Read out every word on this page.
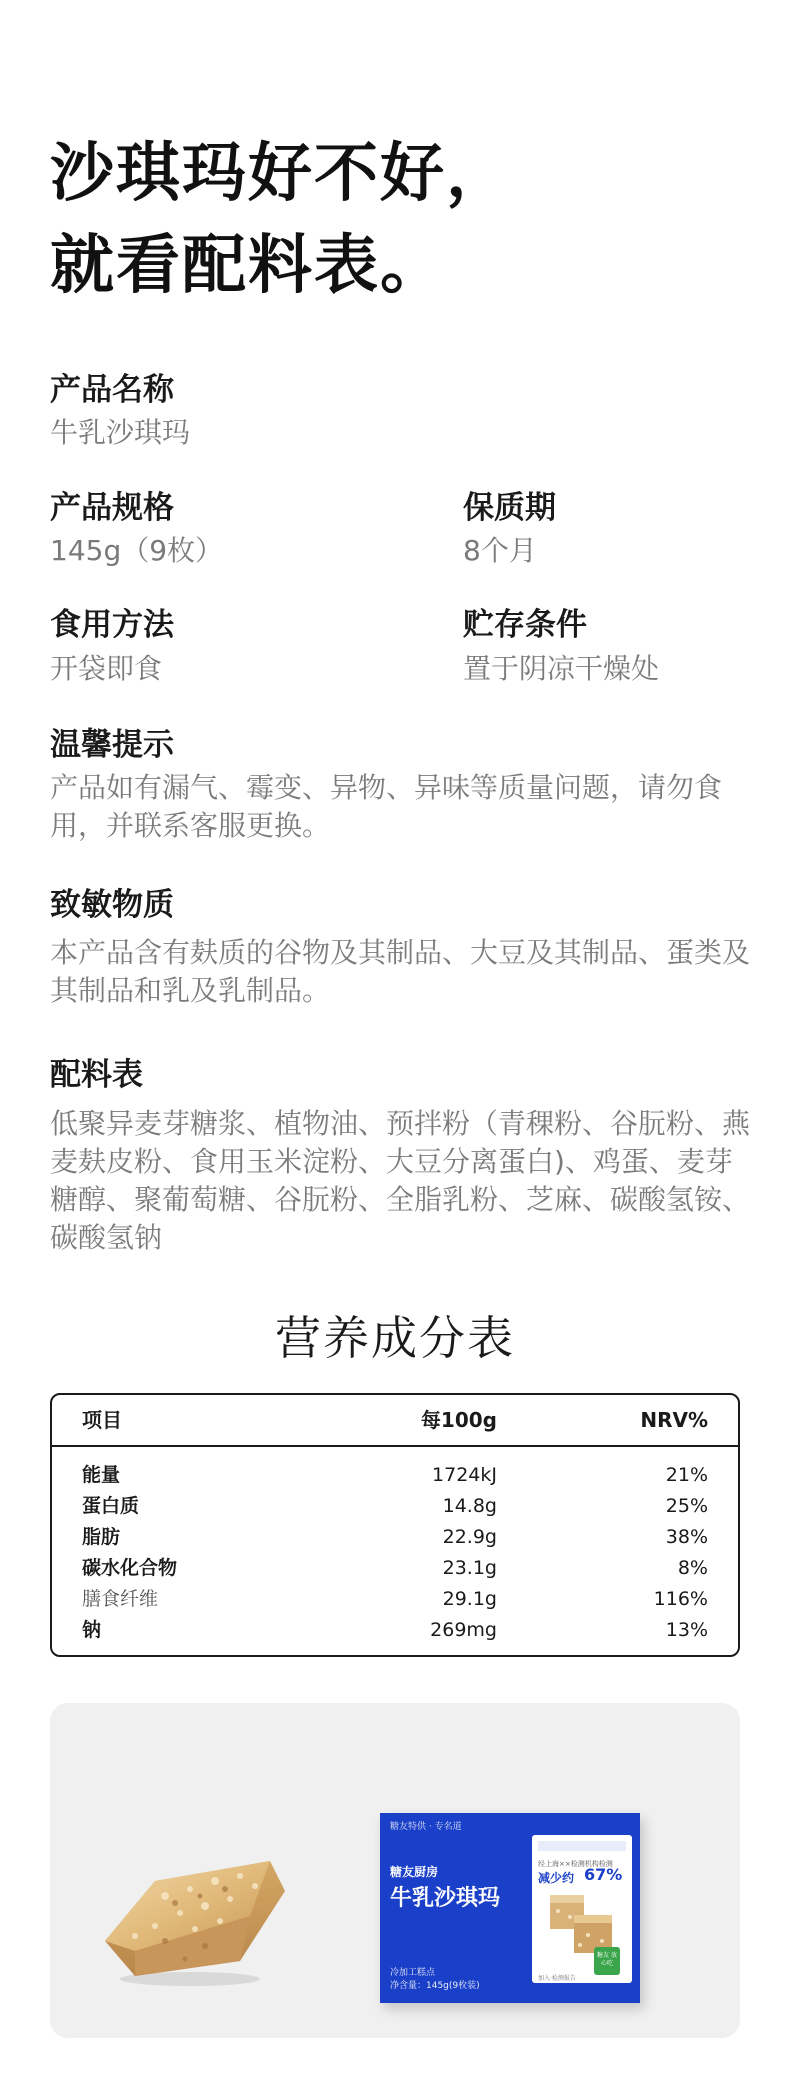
沙琪玛好不好，
就看配料表。
产品名称
牛乳沙琪玛
产品规格
145g（9枚）
保质期
8个月
食用方法
开袋即食
贮存条件
置于阴凉干燥处
温馨提示
产品如有漏气、霉变、异物、异味等质量问题，请勿食用，并联系客服更换。
致敏物质
本产品含有麸质的谷物及其制品、大豆及其制品、蛋类及其制品和乳及乳制品。
配料表
低聚异麦芽糖浆、植物油、预拌粉（青稞粉、谷朊粉、燕麦麸皮粉、食用玉米淀粉、大豆分离蛋白)、鸡蛋、麦芽糖醇、聚葡萄糖、谷朊粉、全脂乳粉、芝麻、碳酸氢铵、碳酸氢钠
营养成分表
项目	每100g	NRV%
能量	1724kJ	21%
蛋白质	14.8g	25%
脂肪	22.9g	38%
碳水化合物	23.1g	8%
膳食纤维	29.1g	116%
钠	269mg	13%
糖友特供 · 专名道
糖友厨房
牛乳沙琪玛
冷加工糕点
净含量：145g(9枚装)
经上海××检测机构检测
减少约 67%
糖友 放心吃
加入·检测报告
